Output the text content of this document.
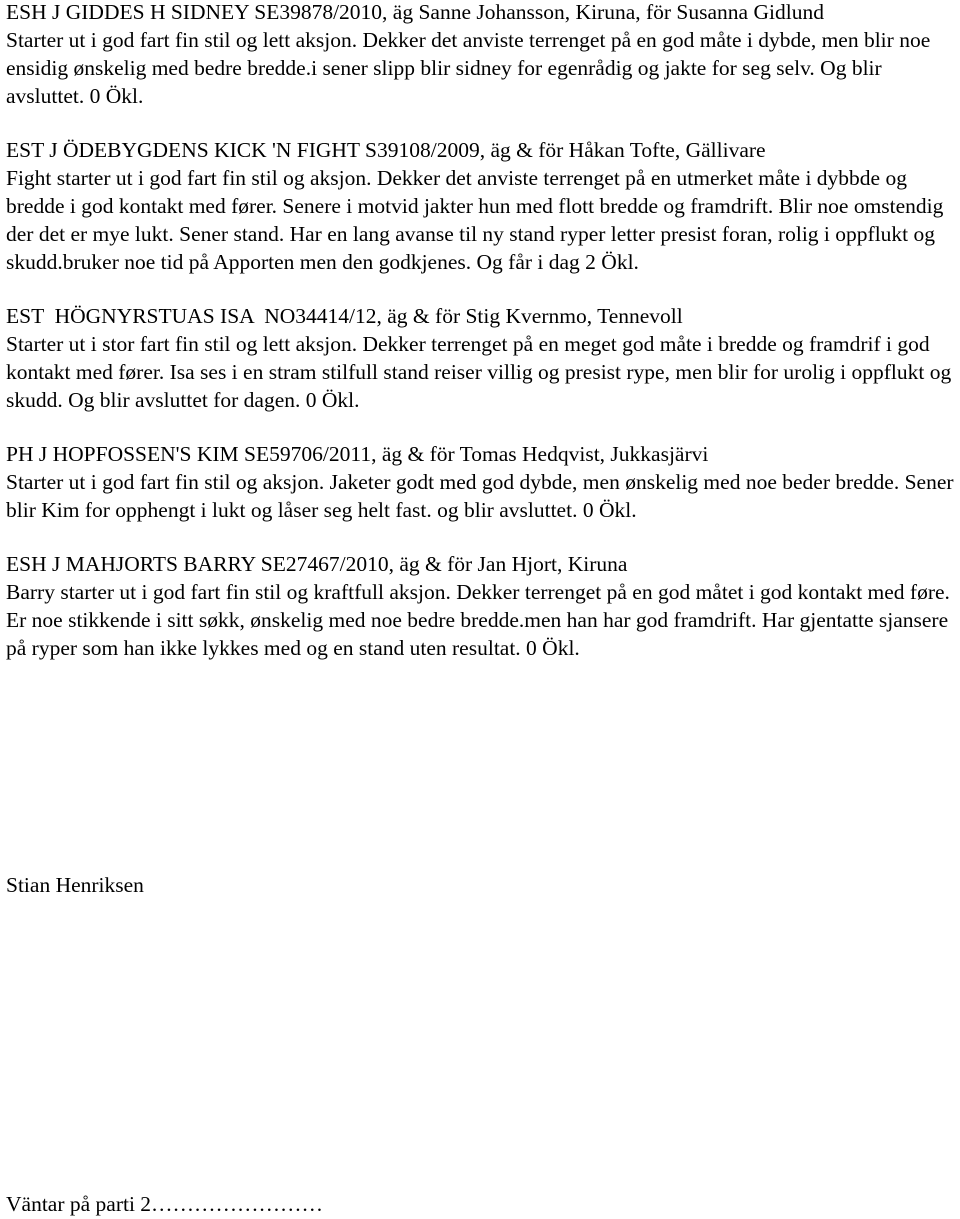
ESH J GIDDES H SIDNEY SE39878/2010, äg Sanne Johansson, Kiruna, för Susanna Gidlund
Starter ut i god fart fin stil og lett aksjon. Dekker det anviste terrenget på en god måte i dybde, men blir noe ensidig ønskelig med bedre bredde.i sener slipp blir sidney for egenrådig og jakte for seg selv. Og blir avsluttet. 0 Ökl.
EST J ÖDEBYGDENS KICK 'N FIGHT S39108/2009, äg & för Håkan Tofte, Gällivare
Fight starter ut i god fart fin stil og aksjon. Dekker det anviste terrenget på en utmerket måte i dybbde og bredde i god kontakt med fører. Senere i motvid jakter hun med flott bredde og framdrift. Blir noe omstendig der det er mye lukt. Sener stand. Har en lang avanse til ny stand ryper letter presist foran, rolig i oppflukt og skudd.bruker noe tid på Apporten men den godkjenes. Og får i dag 2 Ökl.
EST  HÖGNYRSTUAS ISA  NO34414/12, äg & för Stig Kvernmo, Tennevoll
Starter ut i stor fart fin stil og lett aksjon. Dekker terrenget på en meget god måte i bredde og framdrif i god kontakt med fører. Isa ses i en stram stilfull stand reiser villig og presist rype, men blir for urolig i oppflukt og skudd. Og blir avsluttet for dagen. 0 Ökl.
PH J HOPFOSSEN'S KIM SE59706/2011, äg & för Tomas Hedqvist, Jukkasjärvi
Starter ut i god fart fin stil og aksjon. Jaketer godt med god dybde, men ønskelig med noe beder bredde. Sener blir Kim for opphengt i lukt og låser seg helt fast. og blir avsluttet. 0 Ökl.
ESH J MAHJORTS BARRY SE27467/2010, äg & för Jan Hjort, Kiruna
Barry starter ut i god fart fin stil og kraftfull aksjon. Dekker terrenget på en god måtet i god kontakt med føre. Er noe stikkende i sitt søkk, ønskelig med noe bedre bredde.men han har god framdrift. Har gjentatte sjansere på ryper som han ikke lykkes med og en stand uten resultat. 0 Ökl.
Stian Henriksen
Väntar på parti 2……………………
